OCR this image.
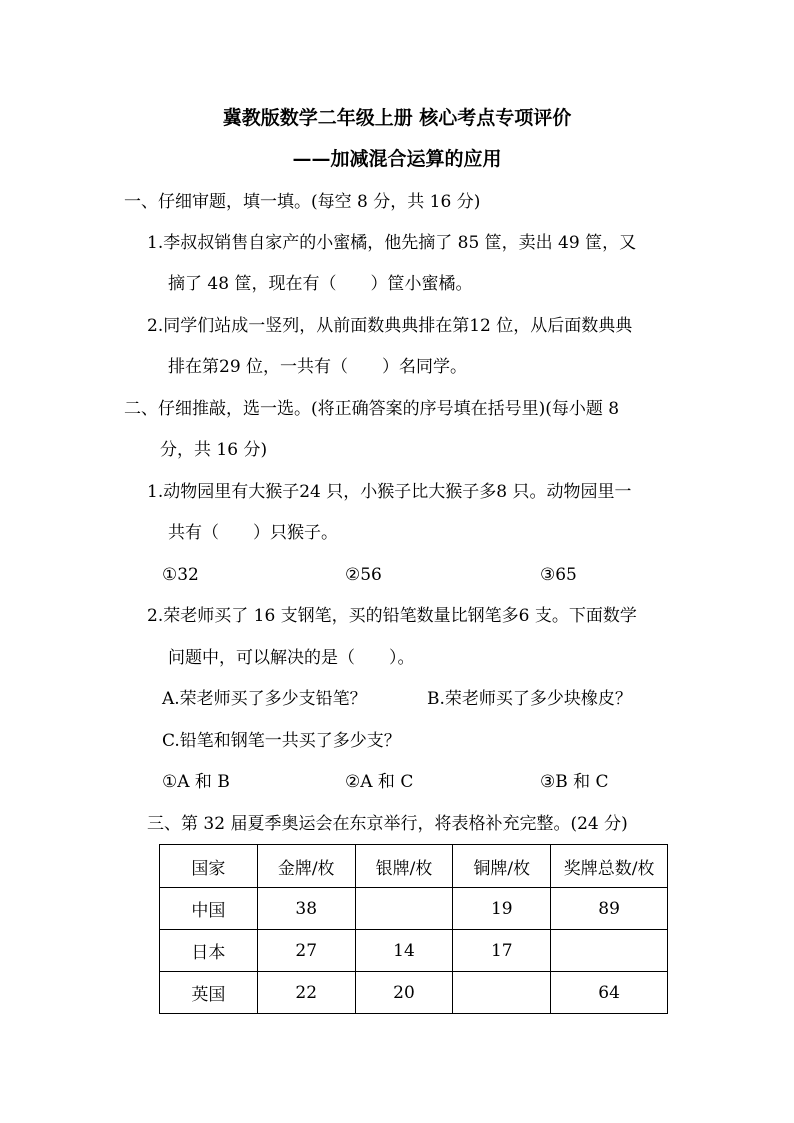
冀教版数学二年级上册 核心考点专项评价
——加减混合运算的应用
一、仔细审题，填一填。(每空 8 分，共 16 分)
1.李叔叔销售自家产的小蜜橘，他先摘了 85 筐，卖出 49 筐，又
摘了 48 筐，现在有（　　）筐小蜜橘。
2.同学们站成一竖列，从前面数典典排在第12 位，从后面数典典
排在第29 位，一共有（　　）名同学。
二、仔细推敲，选一选。(将正确答案的序号填在括号里)(每小题 8
分，共 16 分)
1.动物园里有大猴子24 只，小猴子比大猴子多8 只。动物园里一
共有（　　）只猴子。
①32	②56	③65
2.荣老师买了 16 支钢笔，买的铅笔数量比钢笔多6 支。下面数学
问题中，可以解决的是（　　）。
A.荣老师买了多少支铅笔？	B.荣老师买了多少块橡皮？
C.铅笔和钢笔一共买了多少支？
①A 和 B	②A 和 C	③B 和 C
三、第 32 届夏季奥运会在东京举行，将表格补充完整。(24 分)
国家	金牌/枚	银牌/枚	铜牌/枚	奖牌总数/枚
中国	38		19	89
日本	27	14	17	
英国	22	20		64
